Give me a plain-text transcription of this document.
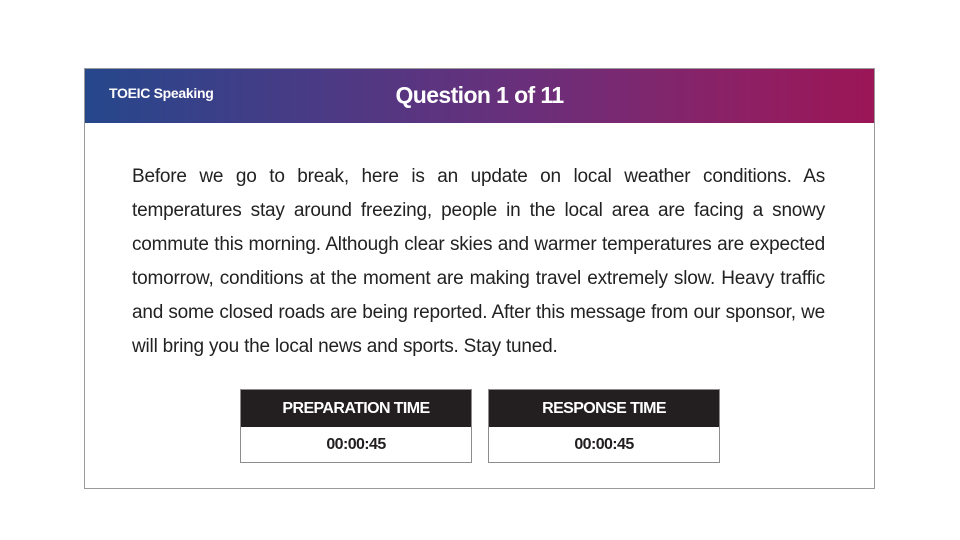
TOEIC Speaking	Question 1 of 11

Before we go to break, here is an update on local weather conditions. As temperatures stay around freezing, people in the local area are facing a snowy commute this morning. Although clear skies and warmer temperatures are expected tomorrow, conditions at the moment are making travel extremely slow. Heavy traffic and some closed roads are being reported. After this message from our sponsor, we will bring you the local news and sports. Stay tuned.

PREPARATION TIME
00:00:45
RESPONSE TIME
00:00:45
